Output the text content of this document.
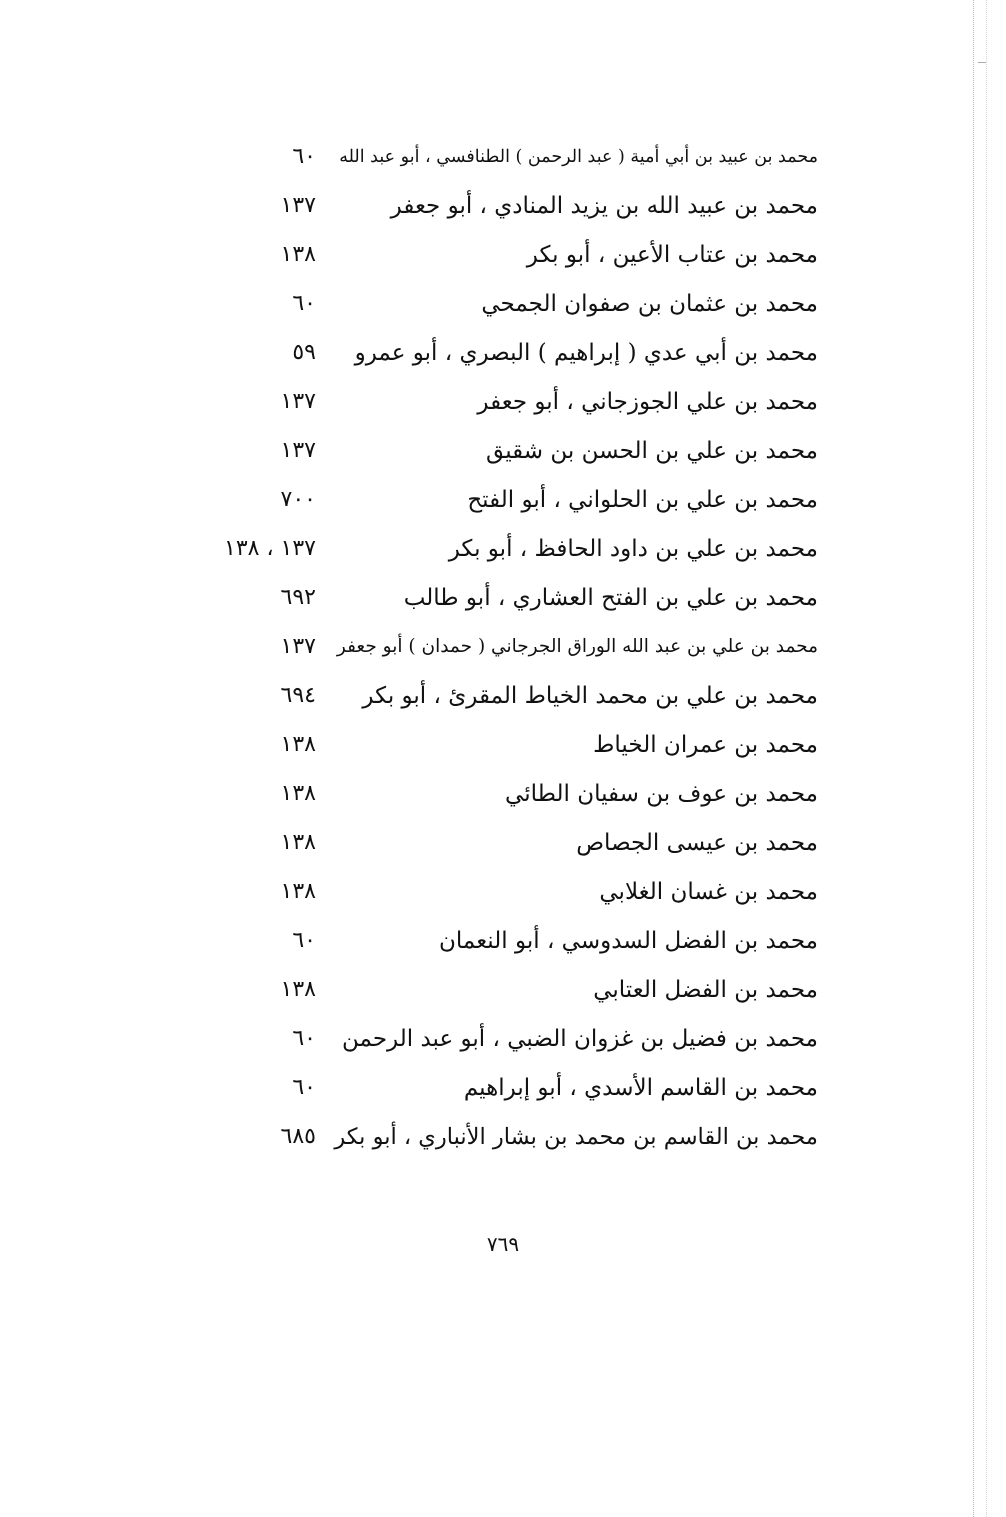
محمد بن عبيد بن أبي أمية ( عبد الرحمن ) الطنافسي ، أبو عبد الله
٦٠
محمد بن عبيد الله بن يزيد المنادي ، أبو جعفر
١٣٧
محمد بن عتاب الأعين ، أبو بكر
١٣٨
محمد بن عثمان بن صفوان الجمحي
٦٠
محمد بن أبي عدي ( إبراهيم ) البصري ، أبو عمرو
٥٩
محمد بن علي الجوزجاني ، أبو جعفر
١٣٧
محمد بن علي بن الحسن بن شقيق
١٣٧
محمد بن علي بن الحلواني ، أبو الفتح
٧٠٠
محمد بن علي بن داود الحافظ ، أبو بكر
١٣٧ ، ١٣٨
محمد بن علي بن الفتح العشاري ، أبو طالب
٦٩٢
محمد بن علي بن عبد الله الوراق الجرجاني ( حمدان ) أبو جعفر
١٣٧
محمد بن علي بن محمد الخياط المقرئ ، أبو بكر
٦٩٤
محمد بن عمران الخياط
١٣٨
محمد بن عوف بن سفيان الطائي
١٣٨
محمد بن عيسى الجصاص
١٣٨
محمد بن غسان الغلابي
١٣٨
محمد بن الفضل السدوسي ، أبو النعمان
٦٠
محمد بن الفضل العتابي
١٣٨
محمد بن فضيل بن غزوان الضبي ، أبو عبد الرحمن
٦٠
محمد بن القاسم الأسدي ، أبو إبراهيم
٦٠
محمد بن القاسم بن محمد بن بشار الأنباري ، أبو بكر
٦٨٥
٧٦٩
